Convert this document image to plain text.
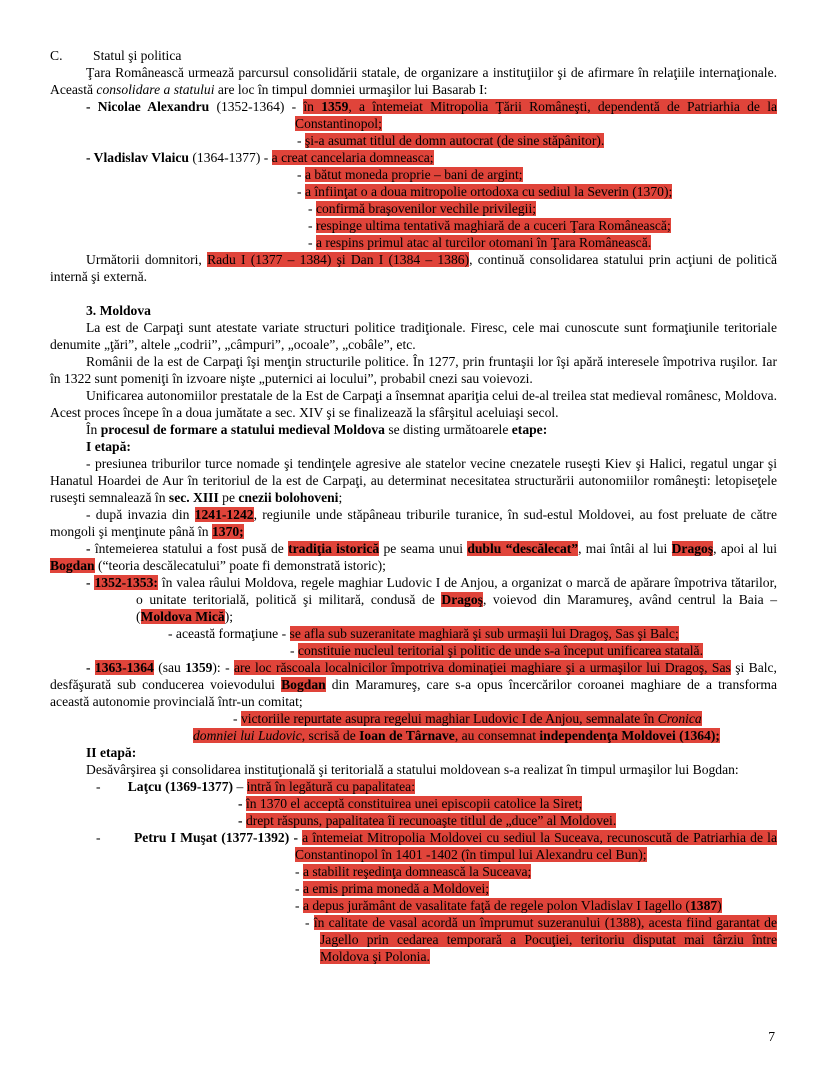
C.         Statul şi politica
Ţara Românească urmează parcursul consolidării statale, de organizare a instituţiilor şi de afirmare în relaţiile internaţionale. Această consolidare a statului are loc în timpul domniei urmaşilor lui Basarab I:
- Nicolae Alexandru (1352-1364) - în 1359, a întemeiat Mitropolia Ţării Româneşti, dependentă de Patriarhia de la Constantinopol;
- şi-a asumat titlul de domn autocrat (de sine stăpânitor).
- Vladislav Vlaicu (1364-1377) - a creat cancelaria domneasca;
- a bătut moneda proprie – bani de argint;
- a înfiinţat o a doua mitropolie ortodoxa cu sediul la Severin (1370);
- confirmă braşovenilor vechile privilegii;
- respinge ultima tentativă maghiară de a cuceri Ţara Românească;
- a respins primul atac al turcilor otomani în Ţara Românească.
Următorii domnitori, Radu I (1377 – 1384) şi Dan I (1384 – 1386), continuă consolidarea statului prin acţiuni de politică internă şi externă.
3. Moldova
La est de Carpaţi sunt atestate variate structuri politice tradiţionale. Firesc, cele mai cunoscute sunt formaţiunile teritoriale denumite „ţări”, altele „codrii”, „câmpuri”, „ocoale”, „cobâle”, etc.
Românii de la est de Carpaţi îşi menţin structurile politice. În 1277, prin fruntaşii lor îşi apără interesele împotriva ruşilor. Iar în 1322 sunt pomeniţi în izvoare nişte „puternici ai locului”, probabil cnezi sau voievozi.
Unificarea autonomiilor prestatale de la Est de Carpaţi a însemnat apariţia celui de-al treilea stat medieval românesc, Moldova. Acest proces începe în a doua jumătate a sec. XIV şi se finalizează la sfârşitul aceluiaşi secol.
În procesul de formare a statului medieval Moldova se disting următoarele etape:
I etapă:
- presiunea triburilor turce nomade şi tendinţele agresive ale statelor vecine cnezatele ruseşti Kiev şi Halici, regatul ungar şi Hanatul Hoardei de Aur în teritoriul de la est de Carpaţi, au determinat necesitatea structurării autonomiilor româneşti: letopiseţele ruseşti semnalează în sec. XIII pe cnezii bolohoveni;
- după invazia din 1241-1242, regiunile unde stăpâneau triburile turanice, în sud-estul Moldovei, au fost preluate de către mongoli şi menţinute până în 1370;
- întemeierea statului a fost pusă de tradiţia istorică pe seama unui dublu “descălecat”, mai întâi al lui Dragoş, apoi al lui Bogdan (“teoria descălecatului” poate fi demonstrată istoric);
- 1352-1353: în valea râului Moldova, regele maghiar Ludovic I de Anjou, a organizat o marcă de apărare împotriva tătarilor, o unitate teritorială, politică şi militară, condusă de Dragoş, voievod din Maramureş, având centrul la Baia – (Moldova Mică);
- această formaţiune - se afla sub suzeranitate maghiară şi sub urmaşii lui Dragoş, Sas şi Balc;
- constituie nucleul teritorial şi politic de unde s-a început unificarea statală.
- 1363-1364 (sau 1359): - are loc răscoala localnicilor împotriva dominaţiei maghiare şi a urmaşilor lui Dragoş, Sas şi Balc, desfăşurată sub conducerea voievodului Bogdan din Maramureş, care s-a opus încercărilor coroanei maghiare de a transforma această autonomie provincială într-un comitat;
- victoriile repurtate asupra regelui maghiar Ludovic I de Anjou, semnalate în Cronica
domniei lui Ludovic, scrisă de Ioan de Târnave, au consemnat independenţa Moldovei (1364);
II etapă:
Desăvârşirea şi consolidarea instituţională şi teritorială a statului moldovean s-a realizat în timpul urmaşilor lui Bogdan:
-        Laţcu (1369-1377) – intră în legătură cu papalitatea:
- în 1370 el acceptă constituirea unei episcopii catolice la Siret;
- drept răspuns, papalitatea îi recunoaşte titlul de „duce” al Moldovei.
-        Petru I Muşat (1377-1392) - a întemeiat Mitropolia Moldovei cu sediul la Suceava, recunoscută de Patriarhia de la Constantinopol în 1401 -1402 (în timpul lui Alexandru cel Bun);
- a stabilit reşedinţa domnească la Suceava;
- a emis prima monedă a Moldovei;
- a depus jurământ de vasalitate faţă de regele polon Vladislav I Iagello (1387)
- în calitate de vasal acordă un împrumut suzeranului (1388), acesta fiind garantat de Jagello prin cedarea temporară a Pocuţiei, teritoriu disputat mai târziu între Moldova şi Polonia.
7
